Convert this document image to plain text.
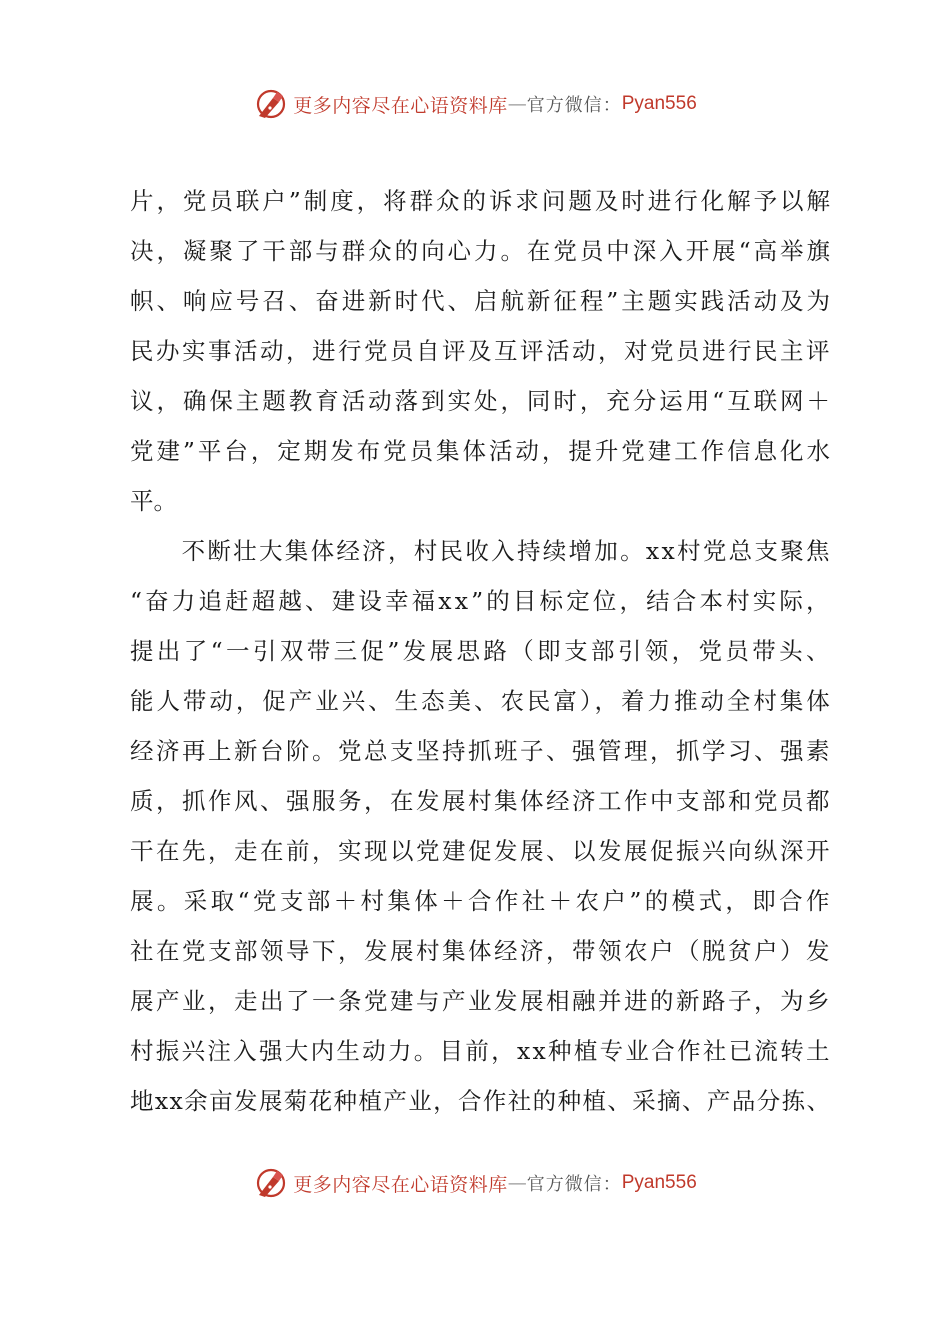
更多内容尽在心语资料库 — 官方微信： Pyan556
片，党员联户”制度，将群众的诉求问题及时进行化解予以解
决，凝聚了干部与群众的向心力。在党员中深入开展“高举旗
帜、响应号召、奋进新时代、启航新征程”主题实践活动及为
民办实事活动，进行党员自评及互评活动，对党员进行民主评
议，确保主题教育活动落到实处，同时，充分运用“互联网＋
党建”平台，定期发布党员集体活动，提升党建工作信息化水
平。
　　不断壮大集体经济，村民收入持续增加。xx村党总支聚焦
“奋力追赶超越、建设幸福xx”的目标定位，结合本村实际，
提出了“一引双带三促”发展思路（即支部引领，党员带头、
能人带动，促产业兴、生态美、农民富），着力推动全村集体
经济再上新台阶。党总支坚持抓班子、强管理，抓学习、强素
质，抓作风、强服务，在发展村集体经济工作中支部和党员都
干在先，走在前，实现以党建促发展、以发展促振兴向纵深开
展。采取“党支部＋村集体＋合作社＋农户”的模式，即合作
社在党支部领导下，发展村集体经济，带领农户（脱贫户）发
展产业，走出了一条党建与产业发展相融并进的新路子，为乡
村振兴注入强大内生动力。目前，xx种植专业合作社已流转土
地xx余亩发展菊花种植产业，合作社的种植、采摘、产品分拣、
更多内容尽在心语资料库 — 官方微信： Pyan556
